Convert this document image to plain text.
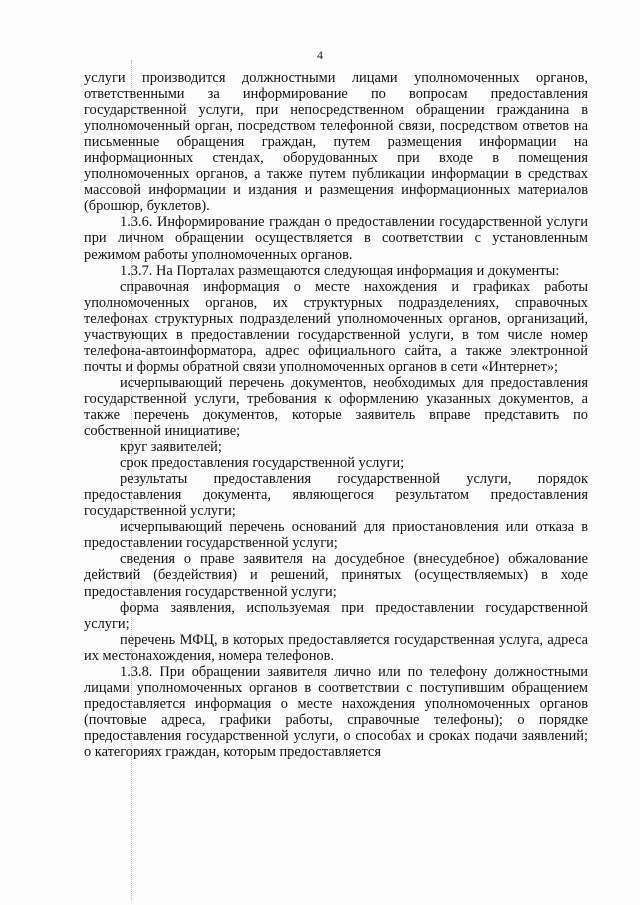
4

услуги производится должностными лицами уполномоченных органов, ответственными за информирование по вопросам предоставления государственной услуги, при непосредственном обращении гражданина в уполномоченный орган, посредством телефонной связи, посредством ответов на письменные обращения граждан, путем размещения информации на информационных стендах, оборудованных при входе в помещения уполномоченных органов, а также путем публикации информации в средствах массовой информации и издания и размещения информационных материалов (брошюр, буклетов).

1.3.6. Информирование граждан о предоставлении государственной услуги при личном обращении осуществляется в соответствии с установленным режимом работы уполномоченных органов.

1.3.7. На Порталах размещаются следующая информация и документы:

справочная информация о месте нахождения и графиках работы уполномоченных органов, их структурных подразделениях, справочных телефонах структурных подразделений уполномоченных органов, организаций, участвующих в предоставлении государственной услуги, в том числе номер телефона-автоинформатора, адрес официального сайта, а также электронной почты и формы обратной связи уполномоченных органов в сети «Интернет»;

исчерпывающий перечень документов, необходимых для предоставления государственной услуги, требования к оформлению указанных документов, а также перечень документов, которые заявитель вправе представить по собственной инициативе;

круг заявителей;

срок предоставления государственной услуги;

результаты предоставления государственной услуги, порядок предоставления документа, являющегося результатом предоставления государственной услуги;

исчерпывающий перечень оснований для приостановления или отказа в предоставлении государственной услуги;

сведения о праве заявителя на досудебное (внесудебное) обжалование действий (бездействия) и решений, принятых (осуществляемых) в ходе предоставления государственной услуги;

форма заявления, используемая при предоставлении государственной услуги;

перечень МФЦ, в которых предоставляется государственная услуга, адреса их местонахождения, номера телефонов.

1.3.8. При обращении заявителя лично или по телефону должностными лицами уполномоченных органов в соответствии с поступившим обращением предоставляется информация о месте нахождения уполномоченных органов (почтовые адреса, графики работы, справочные телефоны); о порядке предоставления государственной услуги, о способах и сроках подачи заявлений; о категориях граждан, которым предоставляется
